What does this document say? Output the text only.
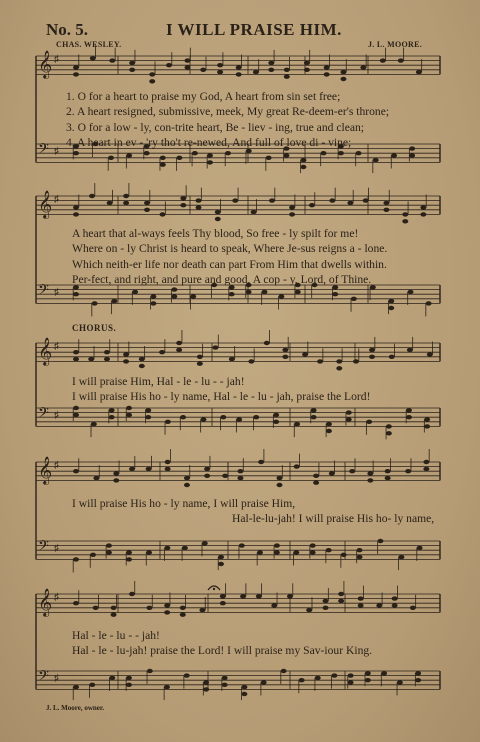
No. 5.	I WILL PRAISE HIM.
CHAS. WESLEY.	J. L. MOORE.
𝄞 ♯
𝄢 ♯
𝄞 ♯
𝄢 ♯
𝄞 ♯
𝄢 ♯
𝄞 ♯
𝄢 ♯
𝄞 ♯
𝄢 ♯
1. O for a heart to praise my God, A heart from sin set free;
2. A heart resigned, submissive, meek, My great Re-deem-er's throne;
3. O for a low - ly, con-trite heart, Be - liev - ing, true and clean;
4. A heart in ev - 'ry tho't re-newed, And full of love di - vine;
A heart that al-ways feels Thy blood, So free - ly spilt for me!
Where on - ly Christ is heard to speak, Where Je-sus reigns a - lone.
Which neith-er life nor death can part From Him that dwells within.
Per-fect, and right, and pure and good, A cop - y, Lord, of Thine.
CHORUS.
I will praise Him, Hal - le - lu - - jah!
I will praise His ho - ly name, Hal - le - lu - jah, praise the Lord!
I will praise His ho - ly name, I will praise Him,
Hal-le-lu-jah! I will praise His ho- ly name,
Hal - le - lu - - jah!
Hal - le - lu-jah! praise the Lord! I will praise my Sav-iour King.
J. L. Moore, owner.
